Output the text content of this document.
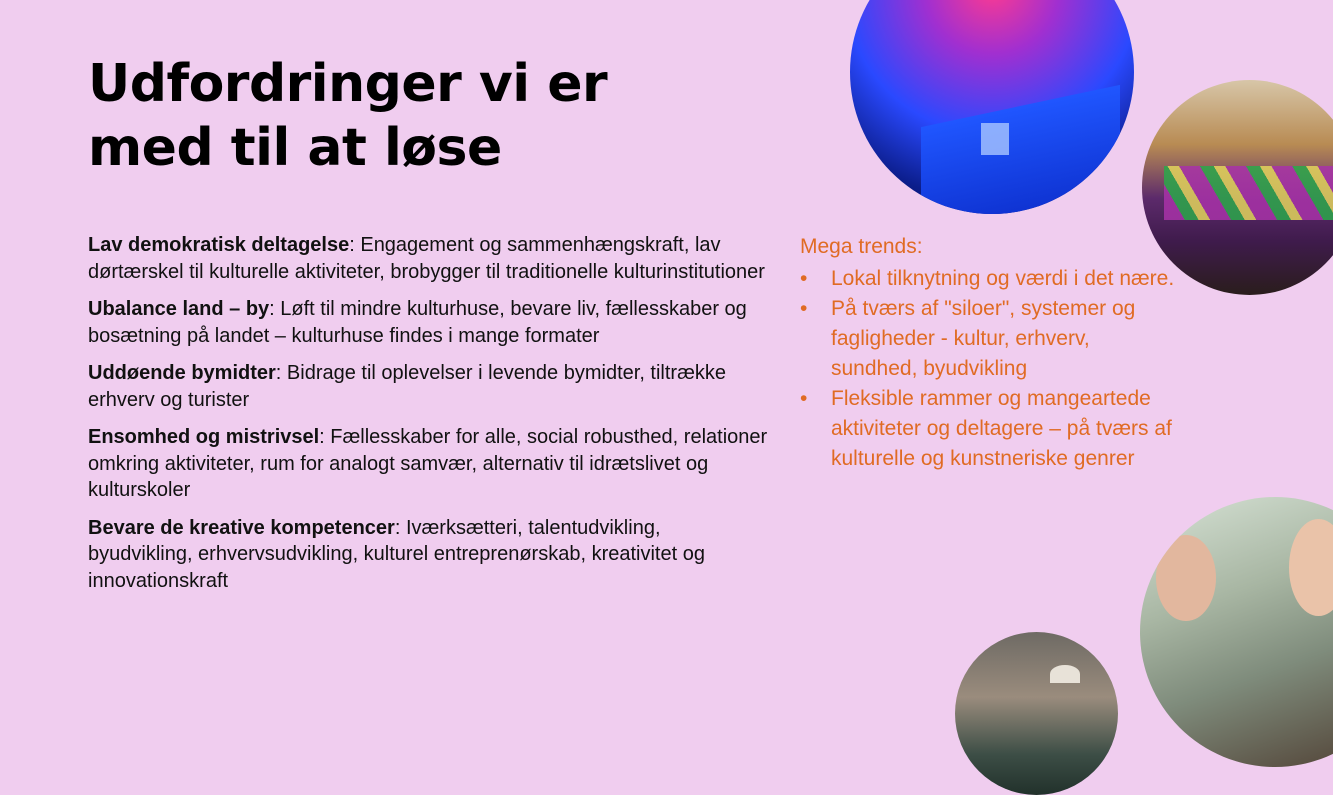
Udfordringer vi er
med til at løse

Lav demokratisk deltagelse: Engagement og sammenhængskraft, lav dørtærskel til kulturelle aktiviteter, brobygger til traditionelle kulturinstitutioner

Ubalance land – by: Løft til mindre kulturhuse, bevare liv, fællesskaber og bosætning på landet – kulturhuse findes i mange formater

Uddøende bymidter: Bidrage til oplevelser i levende bymidter, tiltrække erhverv og turister

Ensomhed og mistrivsel: Fællesskaber for alle, social robusthed, relationer omkring aktiviteter, rum for analogt samvær, alternativ til idrætslivet og kulturskoler

Bevare de kreative kompetencer: Iværksætteri, talentudvikling, byudvikling, erhvervsudvikling, kulturel entreprenørskab, kreativitet og innovationskraft

Mega trends:

• Lokal tilknytning og værdi i det nære.
• På tværs af "siloer", systemer og fagligheder - kultur, erhverv, sundhed, byudvikling
• Fleksible rammer og mangeartede aktiviteter og deltagere – på tværs af kulturelle og kunstneriske genrer
